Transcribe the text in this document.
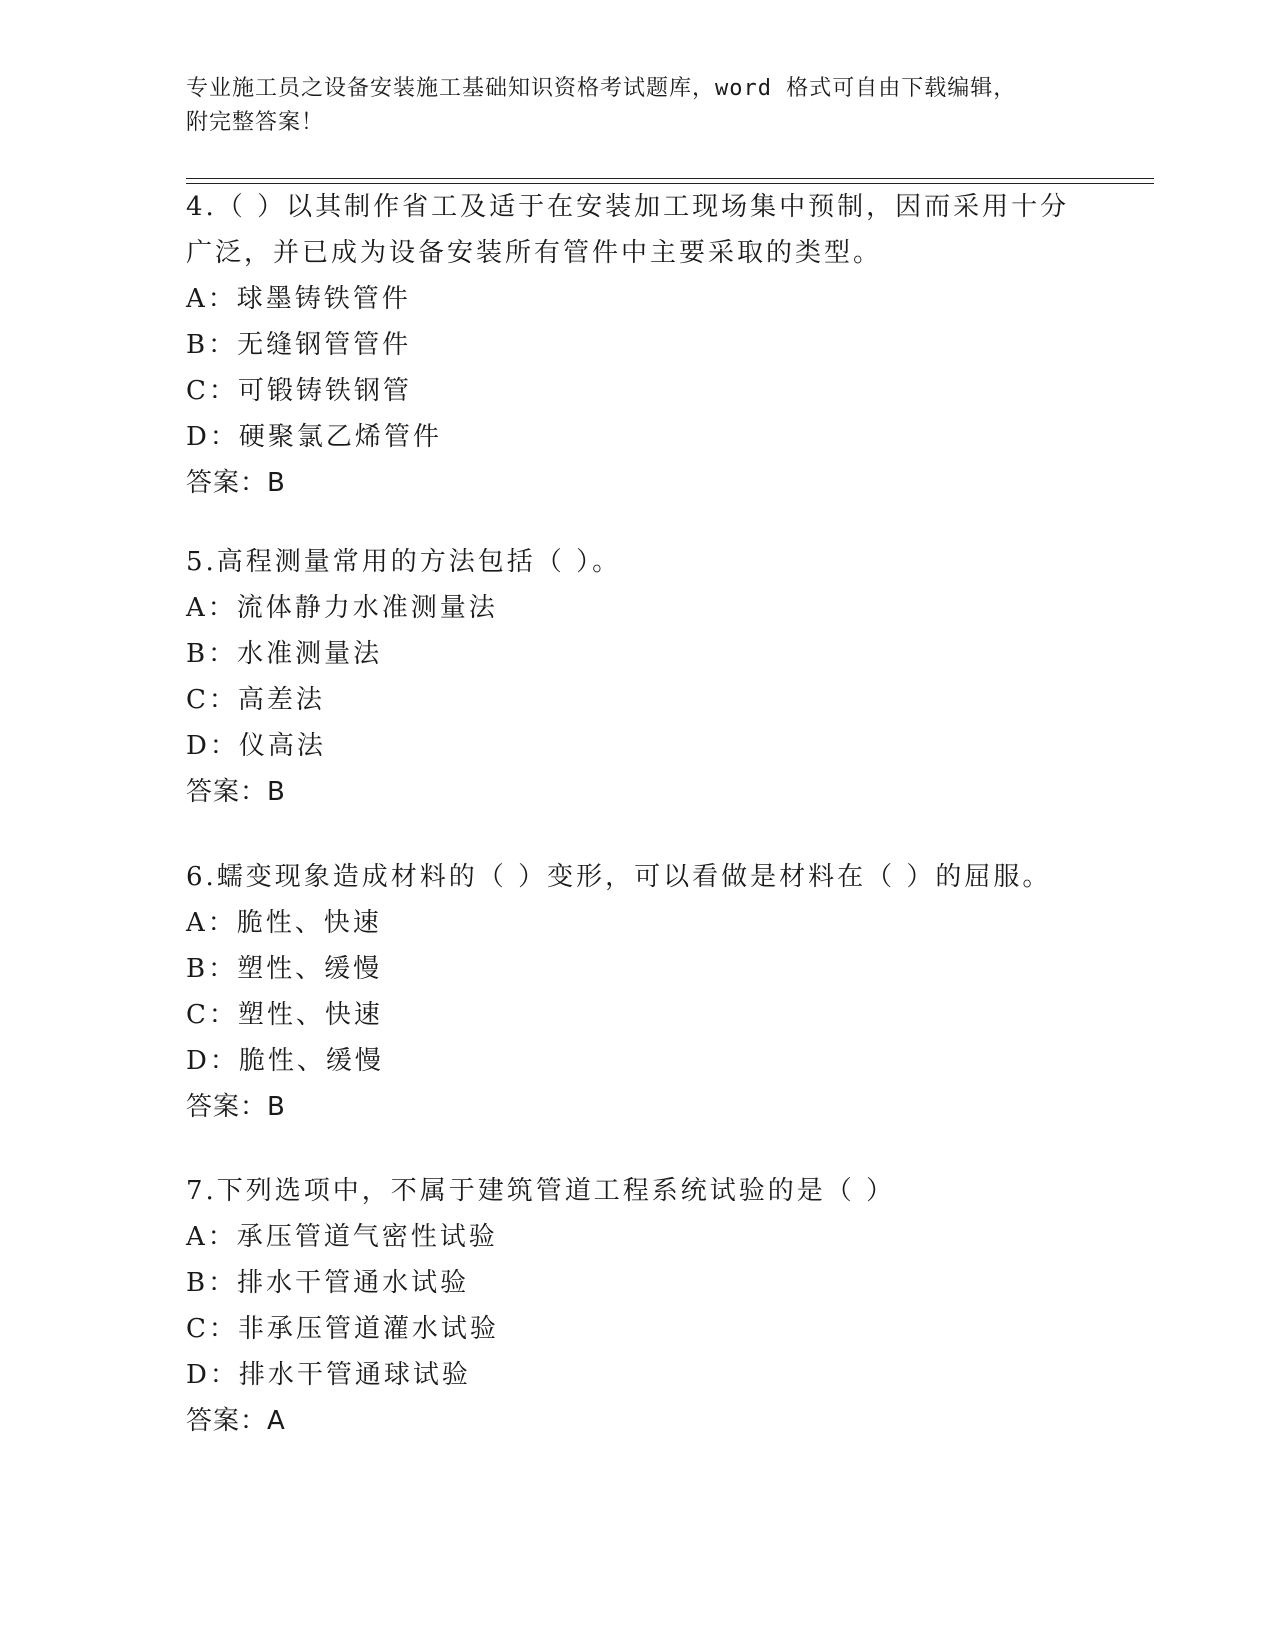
专业施工员之设备安装施工基础知识资格考试题库，word 格式可自由下载编辑，
附完整答案！
4.（ ）以其制作省工及适于在安装加工现场集中预制，因而采用十分
广泛，并已成为设备安装所有管件中主要采取的类型。
A：球墨铸铁管件
B：无缝钢管管件
C：可锻铸铁钢管
D：硬聚氯乙烯管件
答案：B
5.高程测量常用的方法包括（ ）。
A：流体静力水准测量法
B：水准测量法
C：高差法
D：仪高法
答案：B
6.蠕变现象造成材料的（ ）变形，可以看做是材料在（ ）的屈服。
A：脆性、快速
B：塑性、缓慢
C：塑性、快速
D：脆性、缓慢
答案：B
7.下列选项中，不属于建筑管道工程系统试验的是（ ）
A：承压管道气密性试验
B：排水干管通水试验
C：非承压管道灌水试验
D：排水干管通球试验
答案：A
